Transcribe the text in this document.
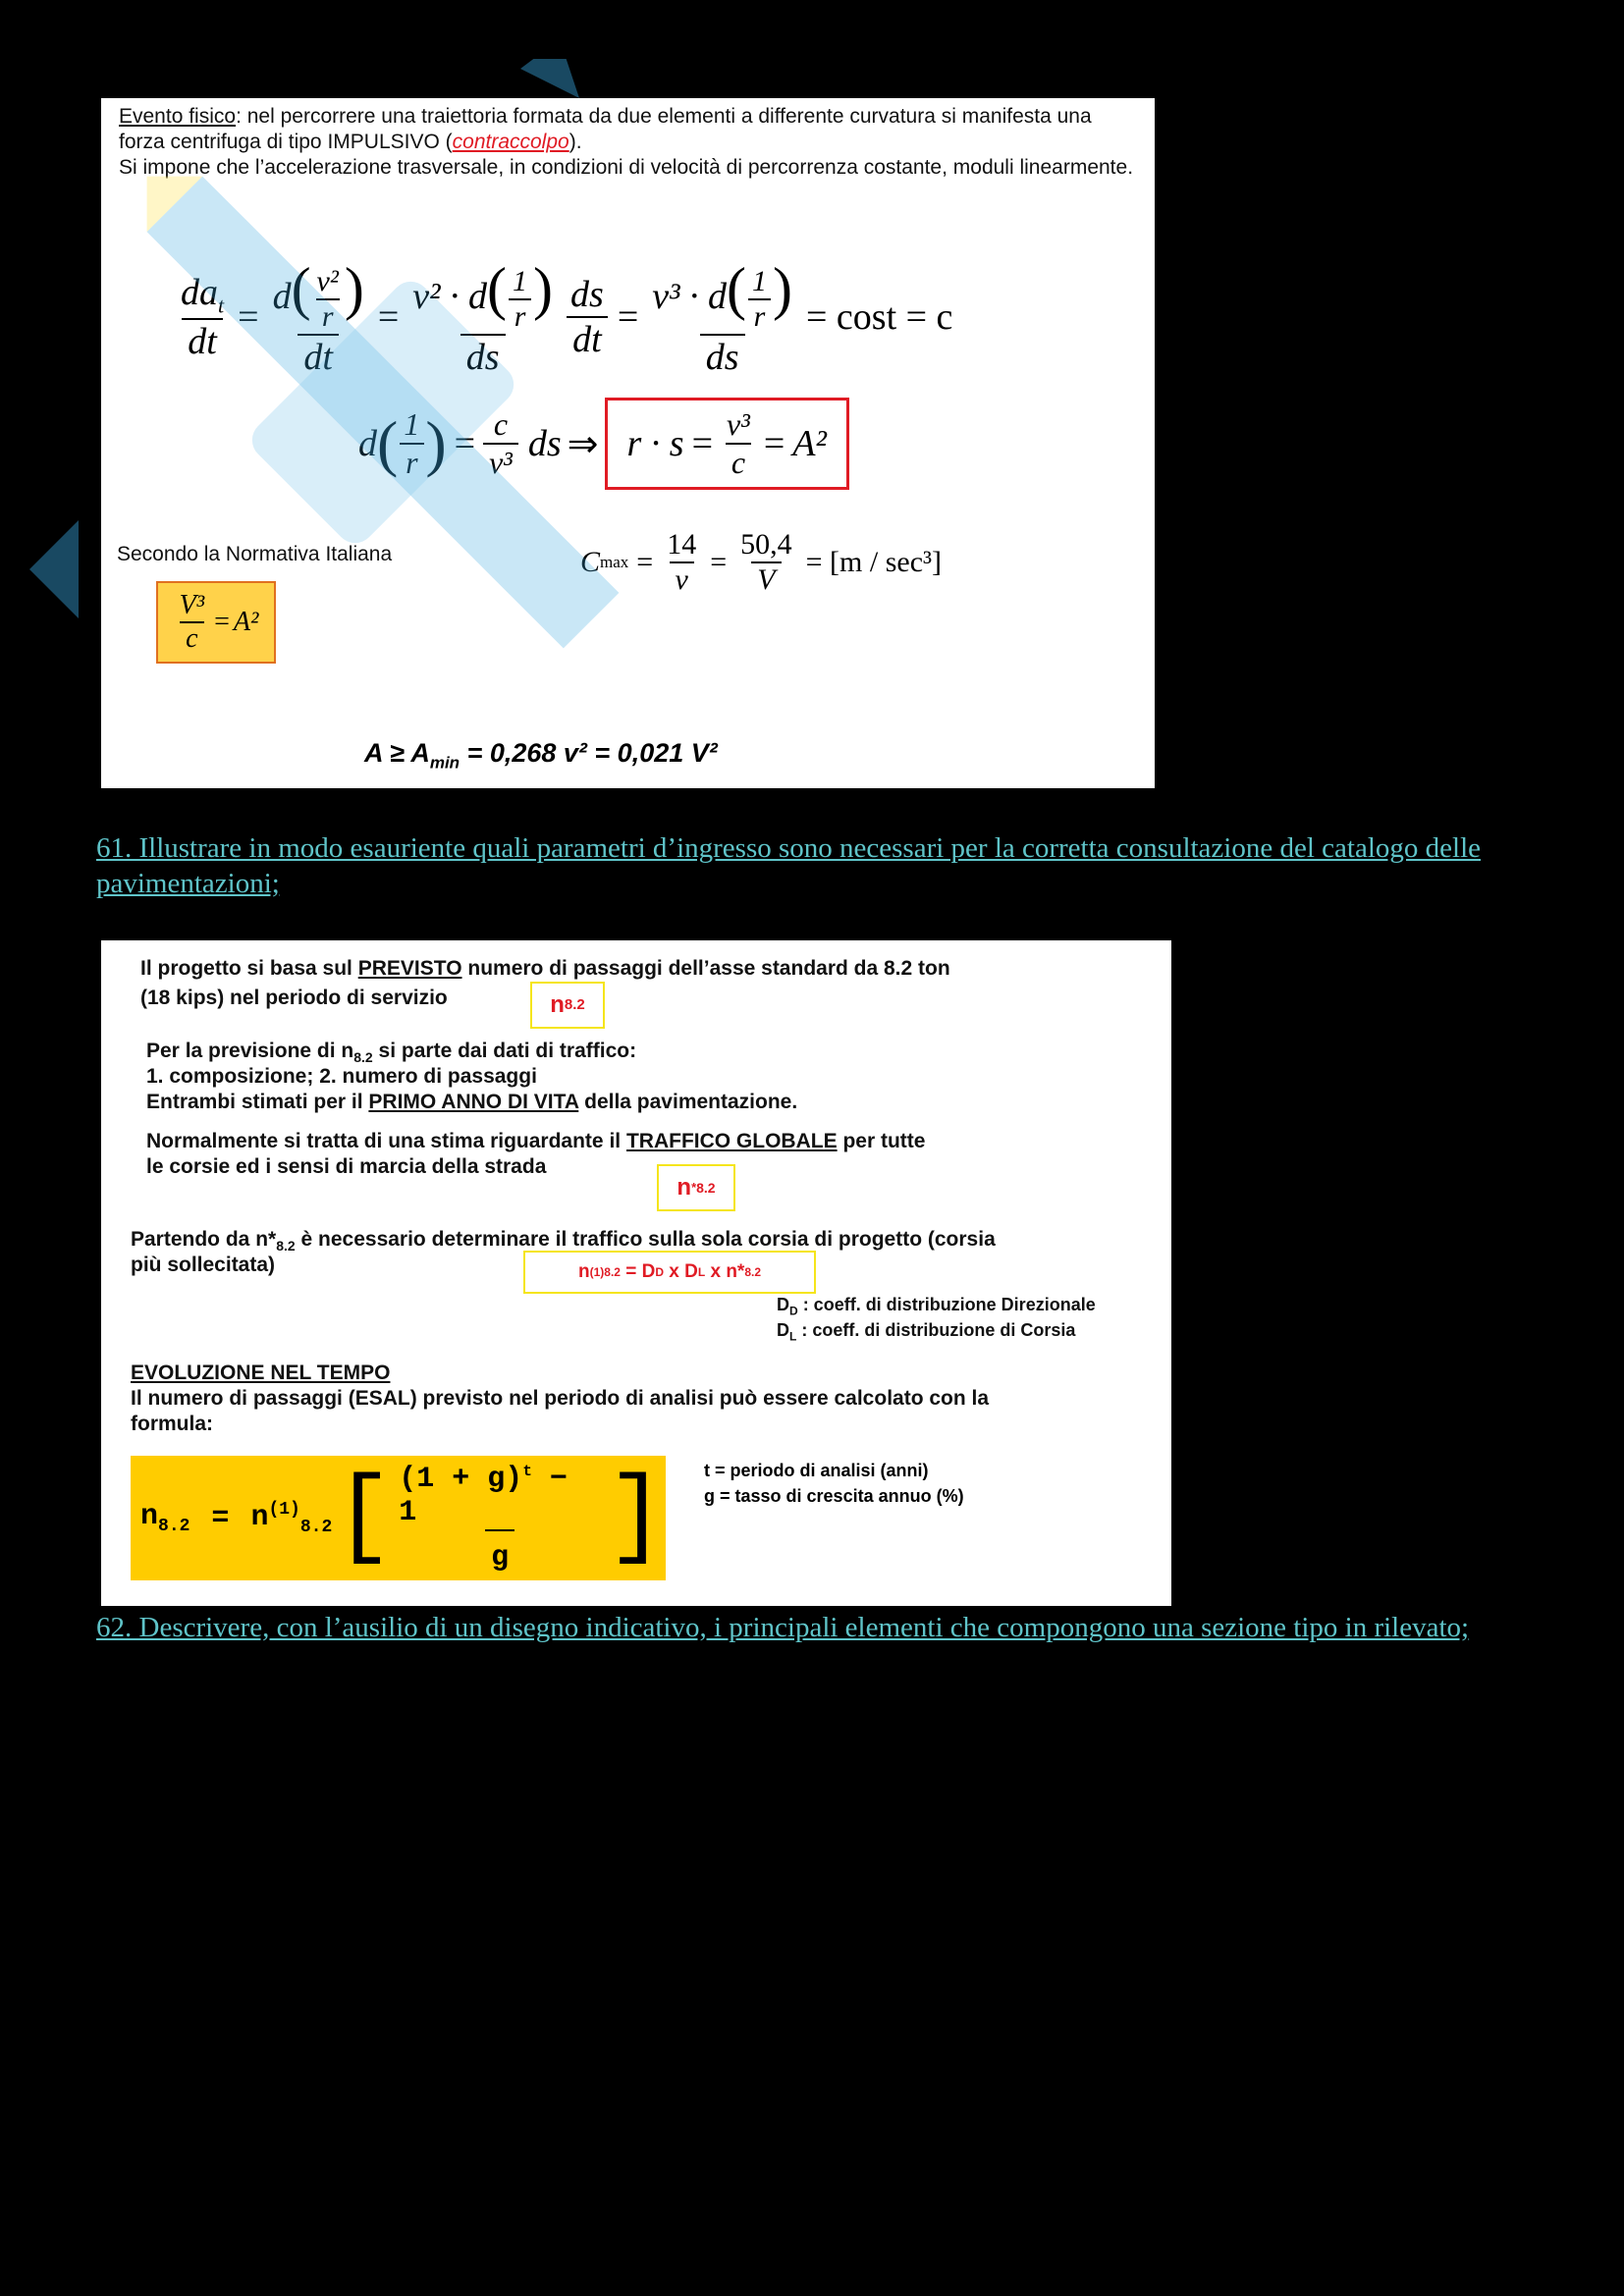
Evento fisico: nel percorrere una traiettoria formata da due elementi a differente curvatura si manifesta una forza centrifuga di tipo IMPULSIVO (contraccolpo).
Si impone che l’accelerazione trasversale, in condizioni di velocità di percorrenza costante, moduli linearmente.
$\frac{da_t}{dt} = \frac{d( \frac{\text{v²}}{r} )}{dt} = \frac{v^2 \cdot d( \frac{1}{r} )}{ds} \frac{ds}{dt} = \frac{v^3 \cdot d( \frac{1}{r} )}{ds} = \cos t = c$
d ( $\frac{1}{r}$ ) = $\frac{c}{\text{v³}}$ ds ⇒ $r \cdot s = \frac{\text{v³}}{c} = A^2$
Secondo la Normativa Italiana	C $\max = \frac{14}{v} = \frac{50,4}{V} = [m / \sec^3]$
$\frac{\text{V³}}{c} = A^2$
$A \ge A_{min} = 0,268$ v² = 0,021 V²
61. Illustrare in modo esauriente quali parametri d’ingresso sono necessari per la corretta consultazione del catalogo delle pavimentazioni;
Il progetto si basa sul PREVISTO numero di passaggi dell’asse standard da 8.2 ton
(18 kips) nel periodo di servizio	n 8.2
Per la previsione di $n_{8.2}$ si parte dai dati di traffico:
1. composizione; 2. numero di passaggi
Entrambi stimati per il PRIMO ANNO DI VITA della pavimentazione.
Normalmente si tratta di una stima riguardante il TRAFFICO GLOBALE per tutte
le corsie ed i sensi di marcia della strada
n * 8.2
Partendo da $n*_{8.2}$ è necessario determinare il traffico sulla sola corsia di progetto (corsia
più sollecitata)	n (1) 8.2 = D D x D L x n* 8.2
$D_D$ : coeff. di distribuzione Direzionale
$D_L$ : coeff. di distribuzione di Corsia
EVOLUZIONE NEL TEMPO
Il numero di passaggi (ESAL) previsto nel periodo di analisi può essere calcolato con la
formula:
$n_{8.2} = n^{(1)}_{8.2}$ [ $\frac{(1 + g)^t - 1}{g}$ ] t = periodo di analisi (anni)
g = tasso di crescita annuo (%)
62. Descrivere, con l’ausilio di un disegno indicativo, i principali elementi che compongono una sezione tipo in rilevato;
